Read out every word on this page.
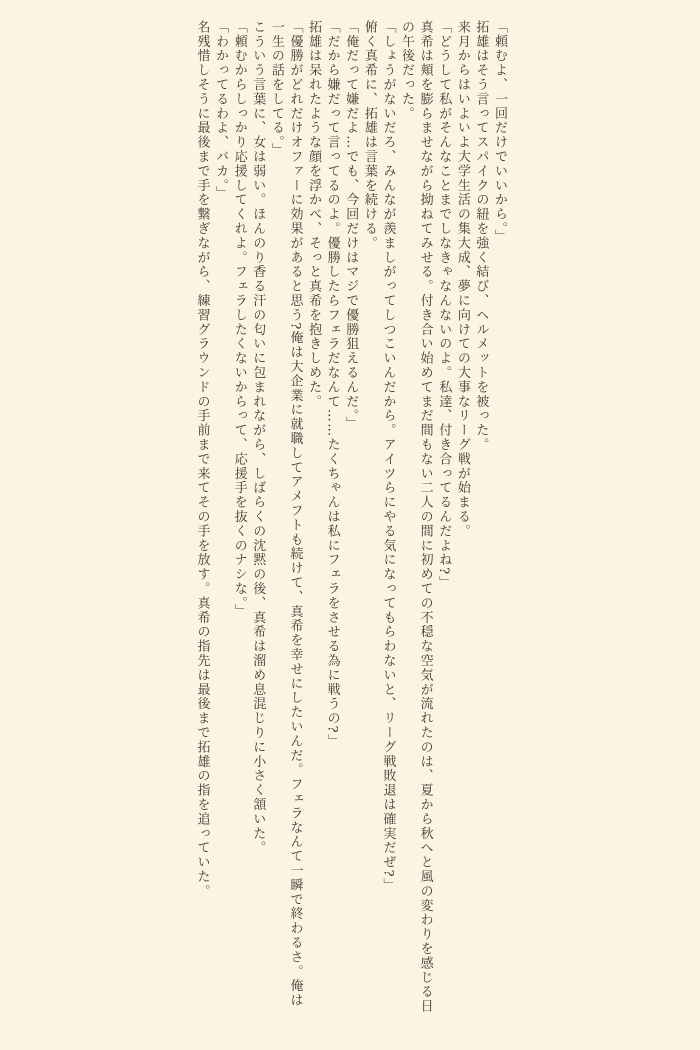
「頼むよ、一回だけでいいから。」

拓雄はそう言ってスパイクの紐を強く結び、ヘルメットを被った。

来月からはいよいよ大学生活の集大成、夢に向けての大事なリーグ戦が始まる。

「どうして私がそんなことまでしなきゃなんないのよ。私達、付き合ってるんだよね?」

真希は頬を膨らませながら拗ねてみせる。付き合い始めてまだ間もない二人の間に初めての不穏な空気が流れたのは、夏から秋へと風の変わりを感じる日の午後だった。

「しょうがないだろ、みんなが羨ましがってしつこいんだから。アイツらにやる気になってもらわないと、リーグ戦敗退は確実だぜ?」

俯く真希に、拓雄は言葉を続ける。

「俺だって嫌だよ…でも、今回だけはマジで優勝狙えるんだ。」

「だから嫌だって言ってるのよ。優勝したらフェラだなんて……たくちゃんは私にフェラをさせる為に戦うの?」

拓雄は呆れたような顔を浮かべ、そっと真希を抱きしめた。

「優勝がどれだけオファーに効果があると思う?俺は大企業に就職してアメフトも続けて、真希を幸せにしたいんだ。フェラなんて一瞬で終わるさ。俺は一生の話をしてる。」

こういう言葉に、女は弱い。ほんのり香る汗の匂いに包まれながら、しばらくの沈黙の後、真希は溜め息混じりに小さく頷いた。

「頼むからしっかり応援してくれよ。フェラしたくないからって、応援手を抜くのナシな。」

「わかってるわよ、バカ。」

名残惜しそうに最後まで手を繋ぎながら、練習グラウンドの手前まで来てその手を放す。真希の指先は最後まで拓雄の指を追っていた。
